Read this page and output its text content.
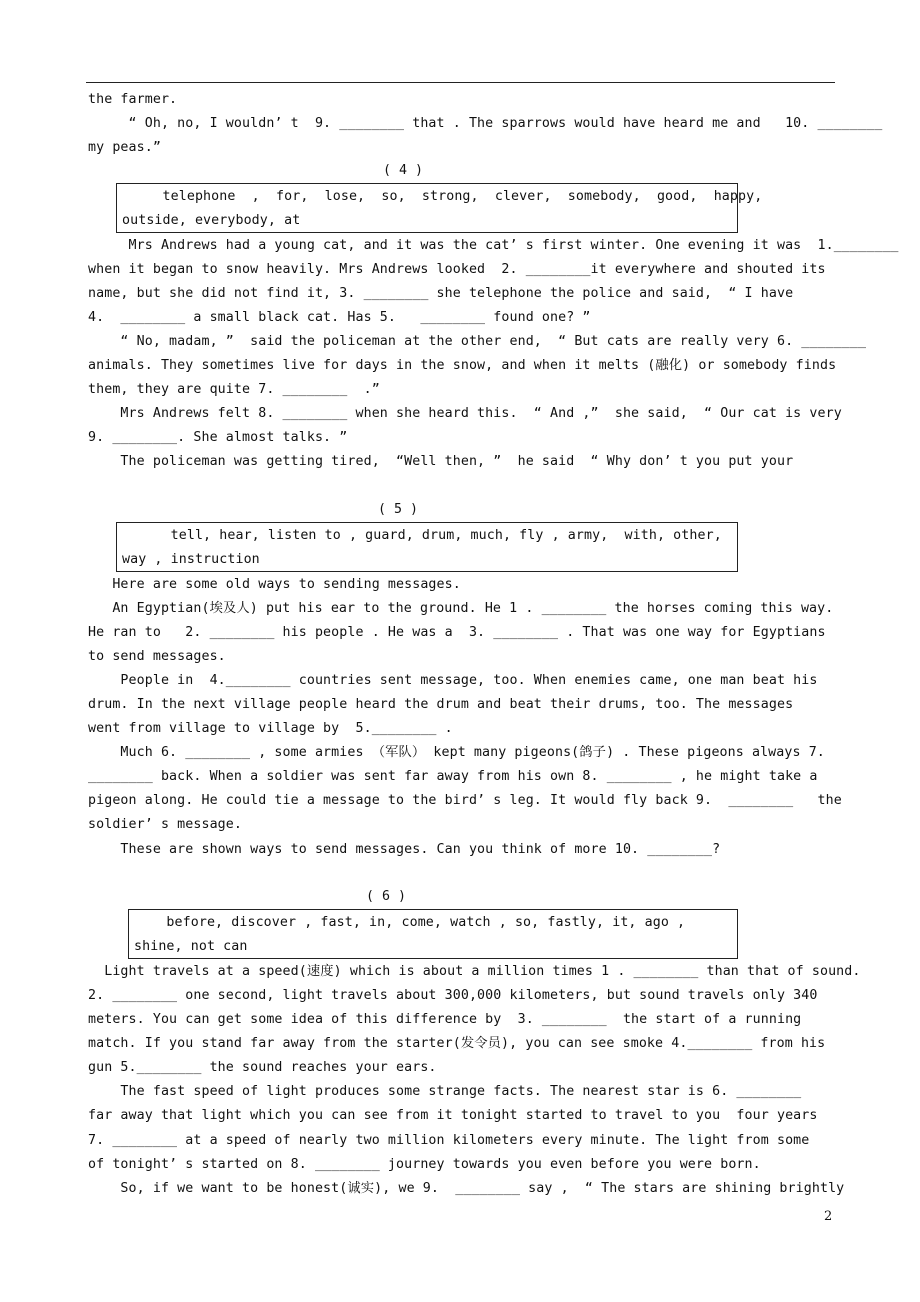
the farmer.
“ Oh, no, I wouldn’ t  9. ________ that . The sparrows would have heard me and   10. ________
my peas.”
( 4 )
telephone  ,  for,  lose,  so,  strong,  clever,  somebody,  good,  happy,
outside, everybody, at
Mrs Andrews had a young cat, and it was the cat’ s first winter. One evening it was  1.________
when it began to snow heavily. Mrs Andrews looked  2. ________it everywhere and shouted its
name, but she did not find it, 3. ________ she telephone the police and said,  “ I have
4.  ________ a small black cat. Has 5.   ________ found one? ”
“ No, madam, ”  said the policeman at the other end,  “ But cats are really very 6. ________
animals. They sometimes live for days in the snow, and when it melts (融化) or somebody finds
them, they are quite 7. ________  .”
Mrs Andrews felt 8. ________ when she heard this.  “ And ,”  she said,  “ Our cat is very
9. ________. She almost talks. ”
The policeman was getting tired,  “Well then, ”  he said  “ Why don’ t you put your
( 5 )
tell, hear, listen to , guard, drum, much, fly , army,  with, other,
way , instruction
Here are some old ways to sending messages.
An Egyptian(埃及人) put his ear to the ground. He 1 . ________ the horses coming this way.
He ran to   2. ________ his people . He was a  3. ________ . That was one way for Egyptians
to send messages.
People in  4.________ countries sent message, too. When enemies came, one man beat his
drum. In the next village people heard the drum and beat their drums, too. The messages
went from village to village by  5.________ .
Much 6. ________ , some armies （军队） kept many pigeons(鸽子) . These pigeons always 7.
________ back. When a soldier was sent far away from his own 8. ________ , he might take a
pigeon along. He could tie a message to the bird’ s leg. It would fly back 9.  ________   the
soldier’ s message.
These are shown ways to send messages. Can you think of more 10. ________?
( 6 )
before, discover , fast, in, come, watch , so, fastly, it, ago ,
shine, not can
Light travels at a speed(速度) which is about a million times 1 . ________ than that of sound.
2. ________ one second, light travels about 300,000 kilometers, but sound travels only 340
meters. You can get some idea of this difference by  3. ________  the start of a running
match. If you stand far away from the starter(发令员), you can see smoke 4.________ from his
gun 5.________ the sound reaches your ears.
The fast speed of light produces some strange facts. The nearest star is 6. ________
far away that light which you can see from it tonight started to travel to you  four years
7. ________ at a speed of nearly two million kilometers every minute. The light from some
of tonight’ s started on 8. ________ journey towards you even before you were born.
So, if we want to be honest(诚实), we 9.  ________ say ,  “ The stars are shining brightly
2
